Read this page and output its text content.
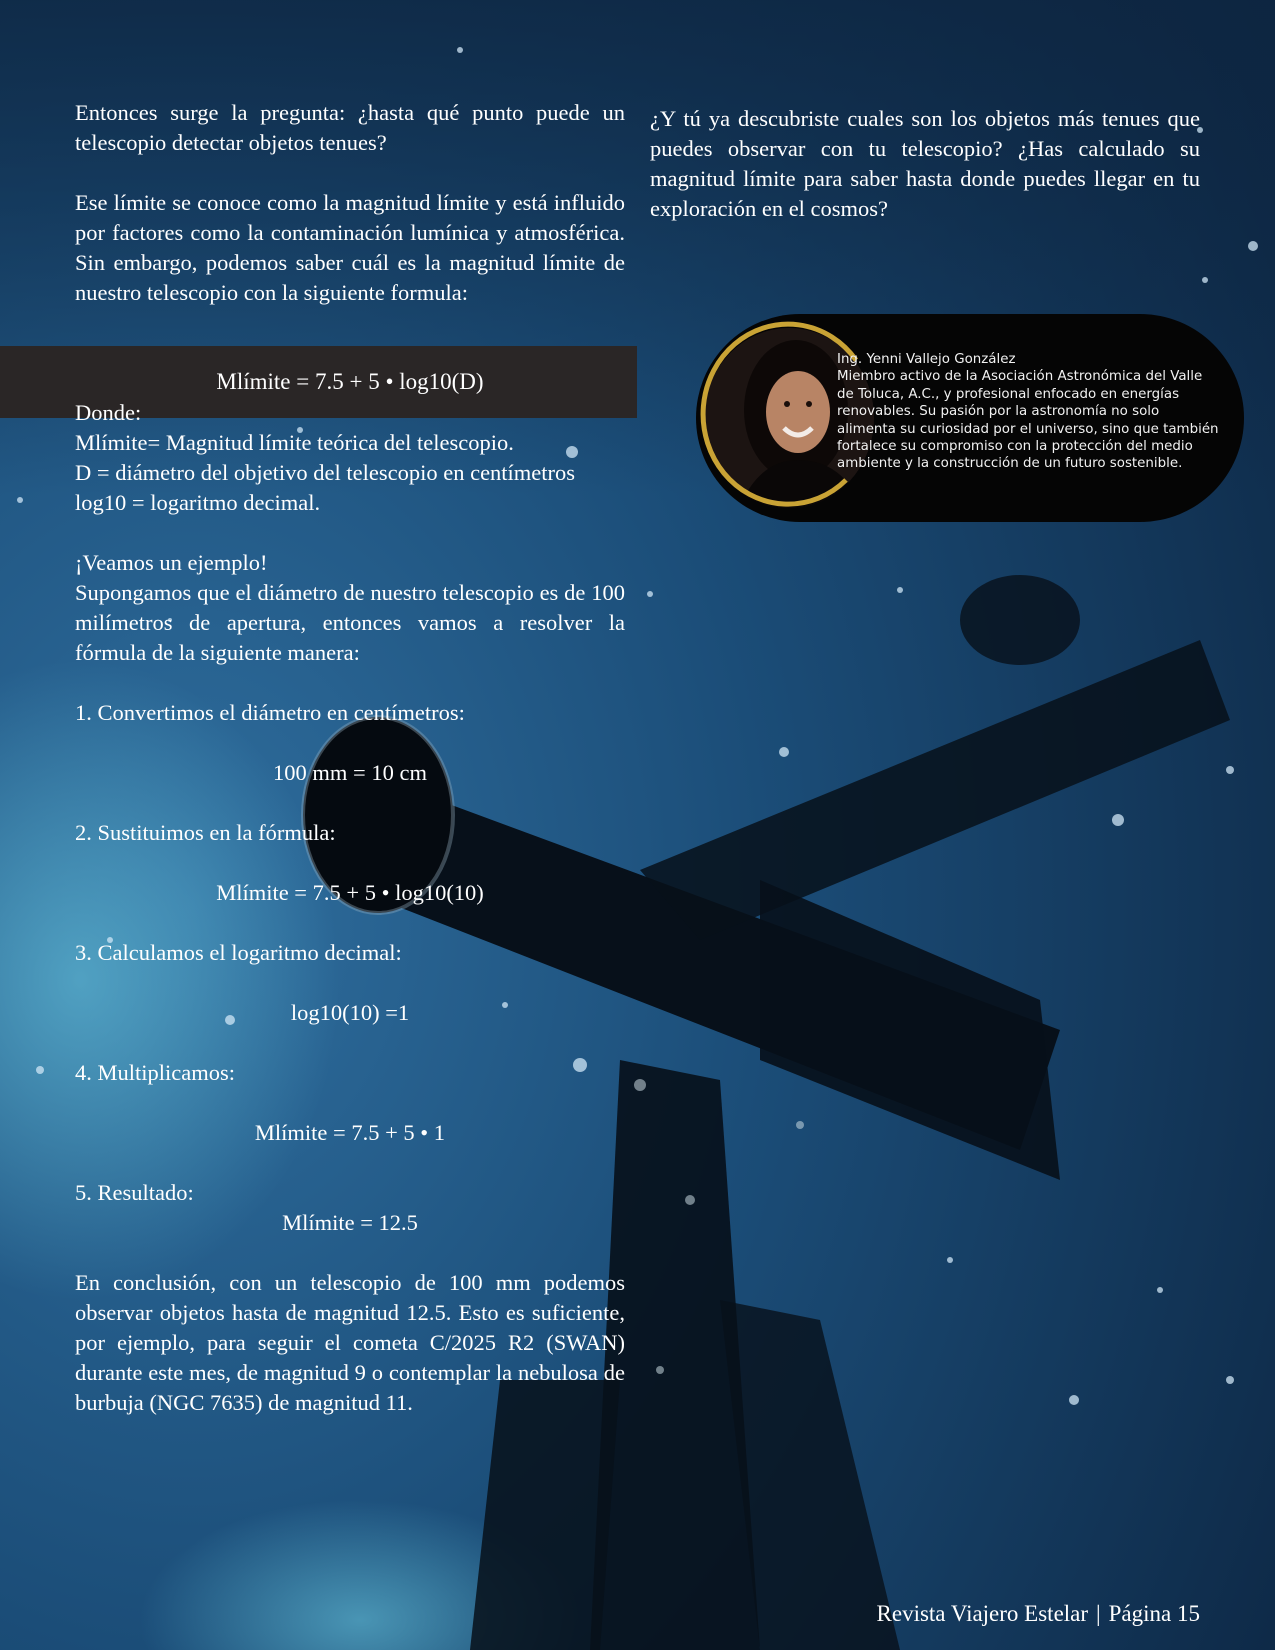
Entonces surge la pregunta: ¿hasta qué punto puede un telescopio detectar objetos tenues?

Ese límite se conoce como la magnitud límite y está influido por factores como la contaminación lumínica y atmosférica. Sin embargo, podemos saber cuál es la magnitud límite de nuestro telescopio con la siguiente formula:

Donde:

Mlímite= Magnitud límite teórica del telescopio.

D = diámetro del objetivo del telescopio en centímetros

log10 = logaritmo decimal.

¡Veamos un ejemplo!

Supongamos que el diámetro de nuestro telescopio es de 100 milímetros de apertura, entonces vamos a resolver la fórmula de la siguiente manera:

1. Convertimos el diámetro en centímetros:

100 mm = 10 cm

2. Sustituimos en la fórmula:

Mlímite = 7.5 + 5 • log10(10)

3. Calculamos el logaritmo decimal:

log10(10) =1

4. Multiplicamos:

Mlímite = 7.5 + 5 • 1

5. Resultado:

Mlímite = 12.5

En conclusión, con un telescopio de 100 mm podemos observar objetos hasta de magnitud 12.5. Esto es suficiente, por ejemplo, para seguir el cometa C/2025 R2 (SWAN) durante este mes, de magnitud 9 o contemplar la nebulosa de burbuja (NGC 7635) de magnitud 11.

Mlímite = 7.5 + 5 • log10(D)

¿Y tú ya descubriste cuales son los objetos más tenues que puedes observar con tu telescopio? ¿Has calculado su magnitud límite para saber hasta donde puedes llegar en tu exploración en el cosmos?

Ing. Yenni Vallejo González
Miembro activo de la Asociación Astronómica del Valle de Toluca, A.C., y profesional enfocado en energías renovables. Su pasión por la astronomía no solo alimenta su curiosidad por el universo, sino que también fortalece su compromiso con la protección del medio ambiente y la construcción de un futuro sostenible.
Revista Viajero Estelar | Página 15
